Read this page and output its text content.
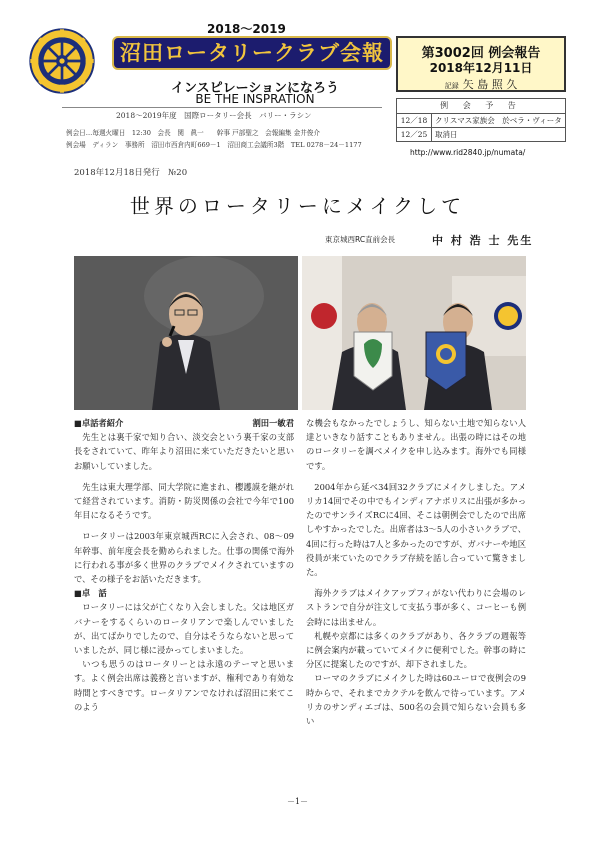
2018～2019
沼田ロータリークラブ会報
インスピレーションになろう
BE THE INSPRATION
2018～2019年度　国際ロータリー会長　バリー・ラシン
例会日…毎週火曜日　12:30　会長　関　眞一　　幹事 戸部聖之　会報編集 金井俊介
例会場　ディラン　事務所　沼田市西倉内町669－1　沼田商工会議所3階　TEL 0278－24－1177
第3002回 例会報告
2018年12月11日
記録 矢 島 照 久
例 会 予 告
12／18	クリスマス家族会　於ベラ・ヴィータ
12／25	取消日
http://www.rid2840.jp/numata/
2018年12月18日発行　№20
世界のロータリーにメイクして
東京城西RC直前会長	中 村 浩 士 先生

■卓話者紹介	割田一敏君

先生とは裏千家で知り合い、淡交会という裏千家の支部長をされていて、昨年より沼田に来ていただきたいと思いお願いしていました。

先生は東大理学部、同大学院に進まれ、櫻護謨を継がれて経営されています。消防・防災関係の会社で今年で100年目になるそうです。

ロータリーは2003年東京城西RCに入会され、08～09年幹事、前年度会長を勤められました。仕事の関係で海外に行われる事が多く世界のクラブでメイクされていますので、その様子をお話いただきます。

■卓　話

ロータリーには父が亡くなり入会しました。父は地区ガバナーをするくらいのロータリアンで楽しんでいましたが、出てばかりでしたので、自分はそうならないと思っていましたが、同じ様に浸かってしまいました。

いつも思うのはロータリーとは永遠のテーマと思います。よく例会出席は義務と言いますが、権利であり有効な時間とすべきです。ロータリアンでなければ沼田に来てこのよう

な機会もなかったでしょうし、知らない土地で知らない人達といきなり話すこともありません。出張の時にはその地のロータリーを調べメイクを申し込みます。海外でも同様です。

2004年から延べ34回32クラブにメイクしました。アメリカ14回でその中でもインディアナポリスに出張が多かったのでサンライズRCに4回、そこは朝例会でしたので出席しやすかったでした。出席者は3～5人の小さいクラブで、4回に行った時は7人と多かったのですが、ガバナーや地区役員が来ていたのでクラブ存続を話し合っていて驚きました。

海外クラブはメイクアップフィがない代わりに会場のレストランで自分が注文して支払う事が多く、コーヒーも例会時には出ません。

札幌や京都には多くのクラブがあり、各クラブの週報等に例会案内が載っていてメイクに便利でした。幹事の時に分区に提案したのですが、却下されました。

ローマのクラブにメイクした時は60ユーロで夜例会の9時からで、それまでカクテルを飲んで待っています。アメリカのサンディエゴは、500名の会員で知らない会員も多い

－1－
